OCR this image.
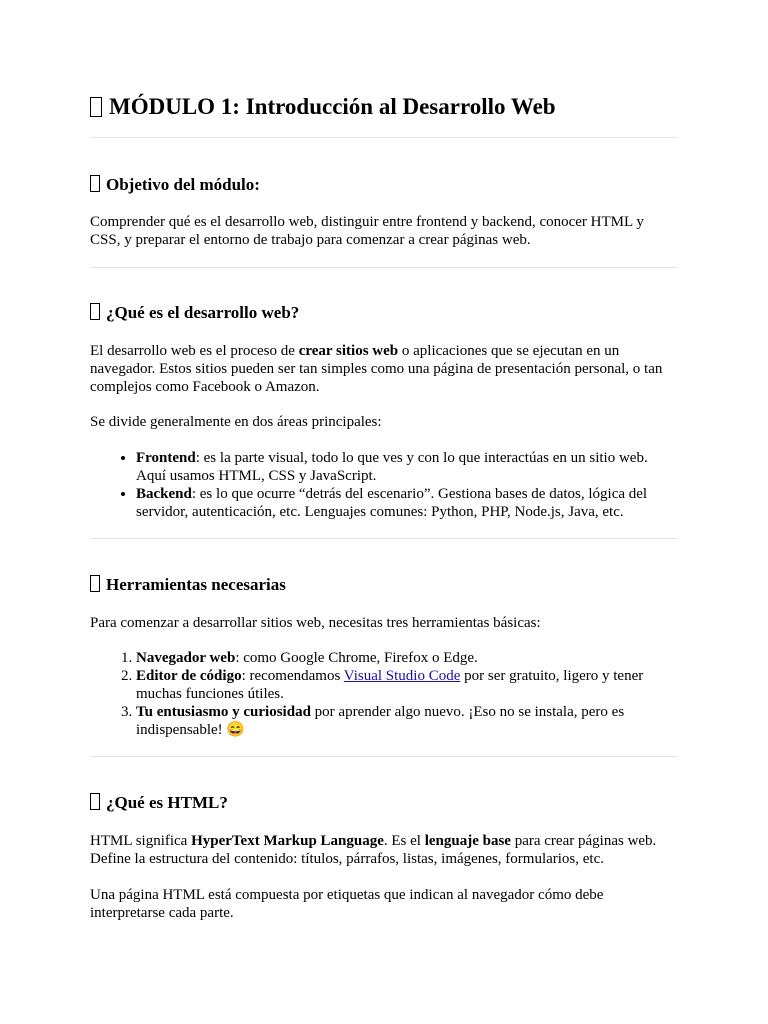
MÓDULO 1: Introducción al Desarrollo Web
Objetivo del módulo:

Comprender qué es el desarrollo web, distinguir entre frontend y backend, conocer HTML y CSS, y preparar el entorno de trabajo para comenzar a crear páginas web.

¿Qué es el desarrollo web?

El desarrollo web es el proceso de crear sitios web o aplicaciones que se ejecutan en un navegador. Estos sitios pueden ser tan simples como una página de presentación personal, o tan complejos como Facebook o Amazon.

Se divide generalmente en dos áreas principales:

• Frontend: es la parte visual, todo lo que ves y con lo que interactúas en un sitio web. Aquí usamos HTML, CSS y JavaScript.
• Backend: es lo que ocurre “detrás del escenario”. Gestiona bases de datos, lógica del servidor, autenticación, etc. Lenguajes comunes: Python, PHP, Node.js, Java, etc.
Herramientas necesarias

Para comenzar a desarrollar sitios web, necesitas tres herramientas básicas:

1. Navegador web: como Google Chrome, Firefox o Edge.
2. Editor de código: recomendamos Visual Studio Code por ser gratuito, ligero y tener muchas funciones útiles.
3. Tu entusiasmo y curiosidad por aprender algo nuevo. ¡Eso no se instala, pero es indispensable! 😄
¿Qué es HTML?

HTML significa HyperText Markup Language. Es el lenguaje base para crear páginas web. Define la estructura del contenido: títulos, párrafos, listas, imágenes, formularios, etc.

Una página HTML está compuesta por etiquetas que indican al navegador cómo debe interpretarse cada parte.
